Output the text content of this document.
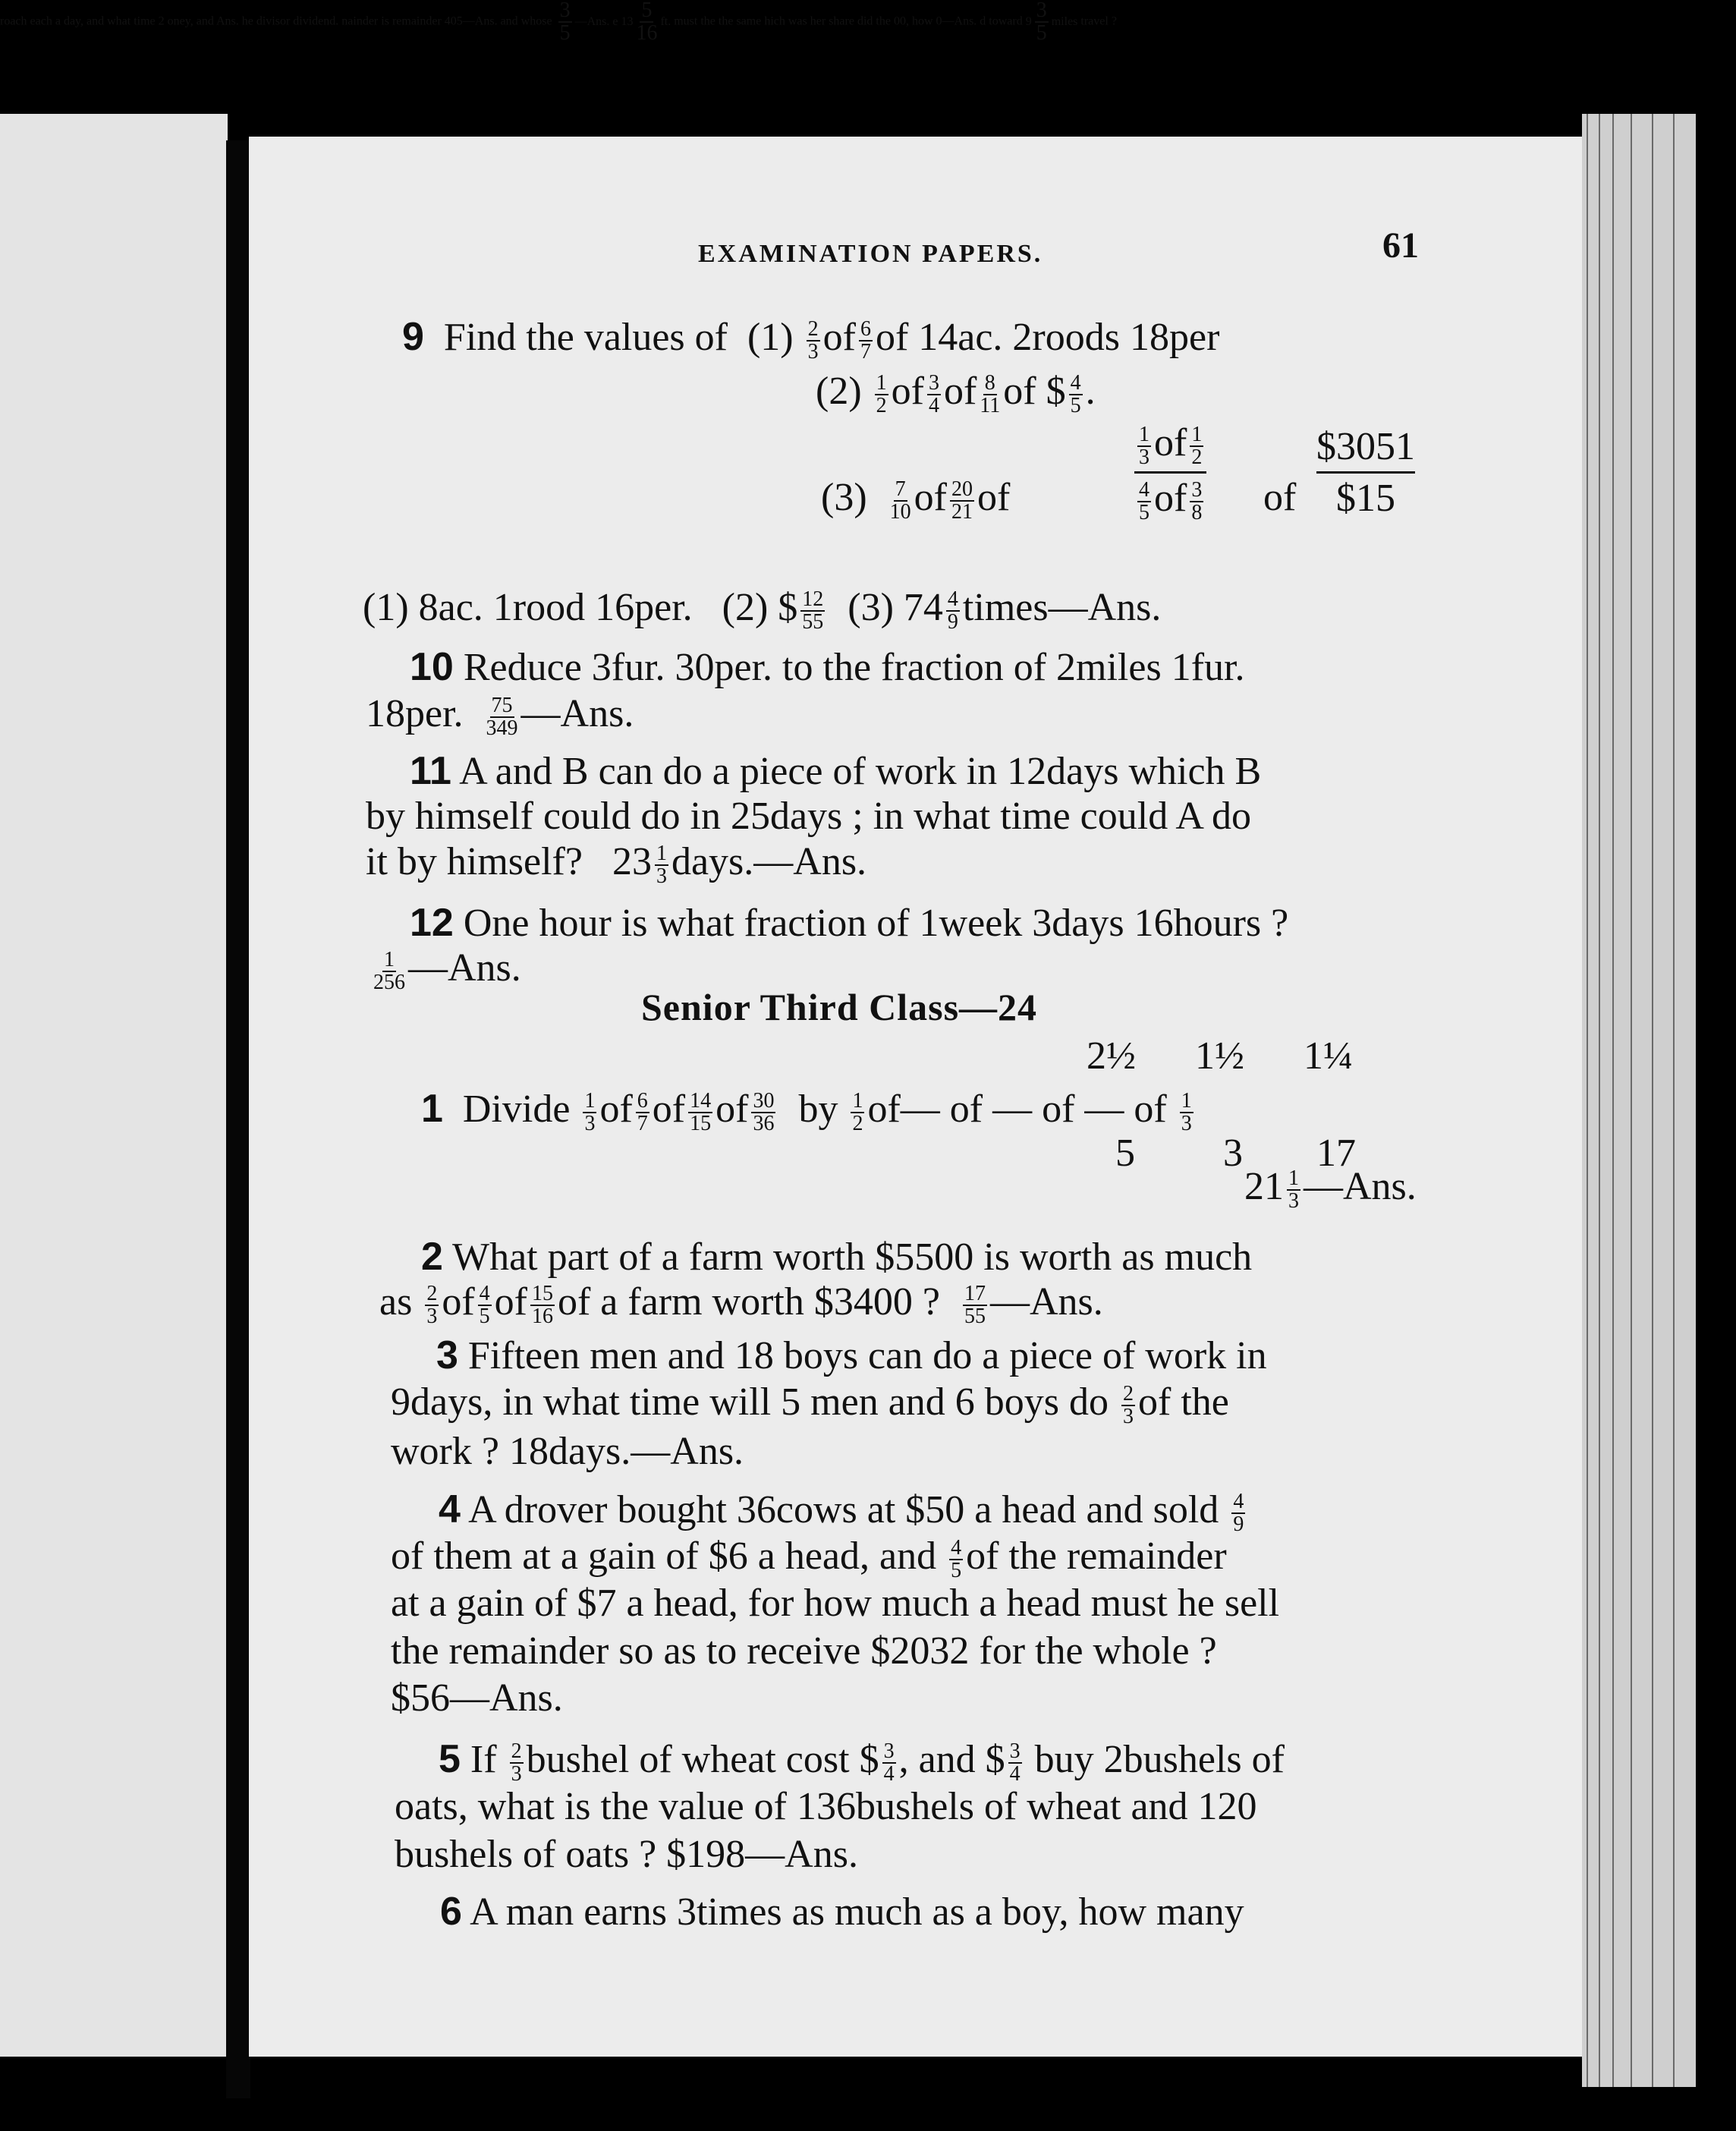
roach each a day, and what time 2 oney, and Ans. he divisor dividend. nainder is remainder 405—Ans. and whose $\frac{3}{5}$ —Ans. e $13 \frac{5}{16}$ ft. must the the same hich was her share did the 00, how 0—Ans. d toward $9 \frac{3}{5}$ miles travel ?
EXAMINATION PAPERS.	61
9 Find the values of $(1) \frac{2}{3}$ of $\frac{6}{7}$ of 14ac. 2roods 18per
$(2) \frac{1}{2}$ of $\frac{3}{4}$ of $\frac{8}{11}$ of $ $\frac{4}{5}$ .
$(3) \frac{7}{10}$ of $\frac{20}{21}$ of
$\frac{1}{3}$ of $\frac{1}{2}$
$\frac{4}{5}$ of $\frac{3}{8}$ of
$3051
$15
(1) 8ac. 1rood 16per. (2) $ $\frac{12}{55} (3)$ $74 \frac{4}{9}$ times—Ans.
10 Reduce 3fur. 30per. to the fraction of 2miles 1fur.
18per. $\frac{75}{349}$ —Ans.
11 A and B can do a piece of work in 12days which B
by himself could do in 25days ; in what time could A do
it by himself? $23 \frac{1}{3}$ days.—Ans.
12 One hour is what fraction of 1week 3days 16hours ?
$\frac{1}{256}$ —Ans.
Senior Third Class—24
2½ 1½ 1¼
1 Divide $\frac{1}{3}$ of $\frac{6}{7}$ of $\frac{14}{15}$ of $\frac{30}{36}$ by $\frac{1}{2}$ of— of — of — of $\frac{1}{3}$
5 3 17
$21 \frac{1}{3}$ —Ans.
2 What part of a farm worth $5500 is worth as much
as $\frac{2}{3}$ of $\frac{4}{5}$ of $\frac{15}{16}$ of a farm worth $3400 ? $\frac{17}{55}$ —Ans.
3 Fifteen men and 18 boys can do a piece of work in
9days, in what time will 5 men and 6 boys do $\frac{2}{3}$ of the
work ? 18days.—Ans.
4 A drover bought 36cows at $50 a head and sold $\frac{4}{9}$
of them at a gain of $6 a head, and $\frac{4}{5}$ of the remainder
at a gain of $7 a head, for how much a head must he sell
the remainder so as to receive $2032 for the whole ?
$56—Ans.
5 If $\frac{2}{3}$ bushel of wheat cost $ $\frac{3}{4}$ , and $ $\frac{3}{4}$ buy 2bushels of
oats, what is the value of 136bushels of wheat and 120
bushels of oats ? $198—Ans.
6 A man earns 3times as much as a boy, how many
